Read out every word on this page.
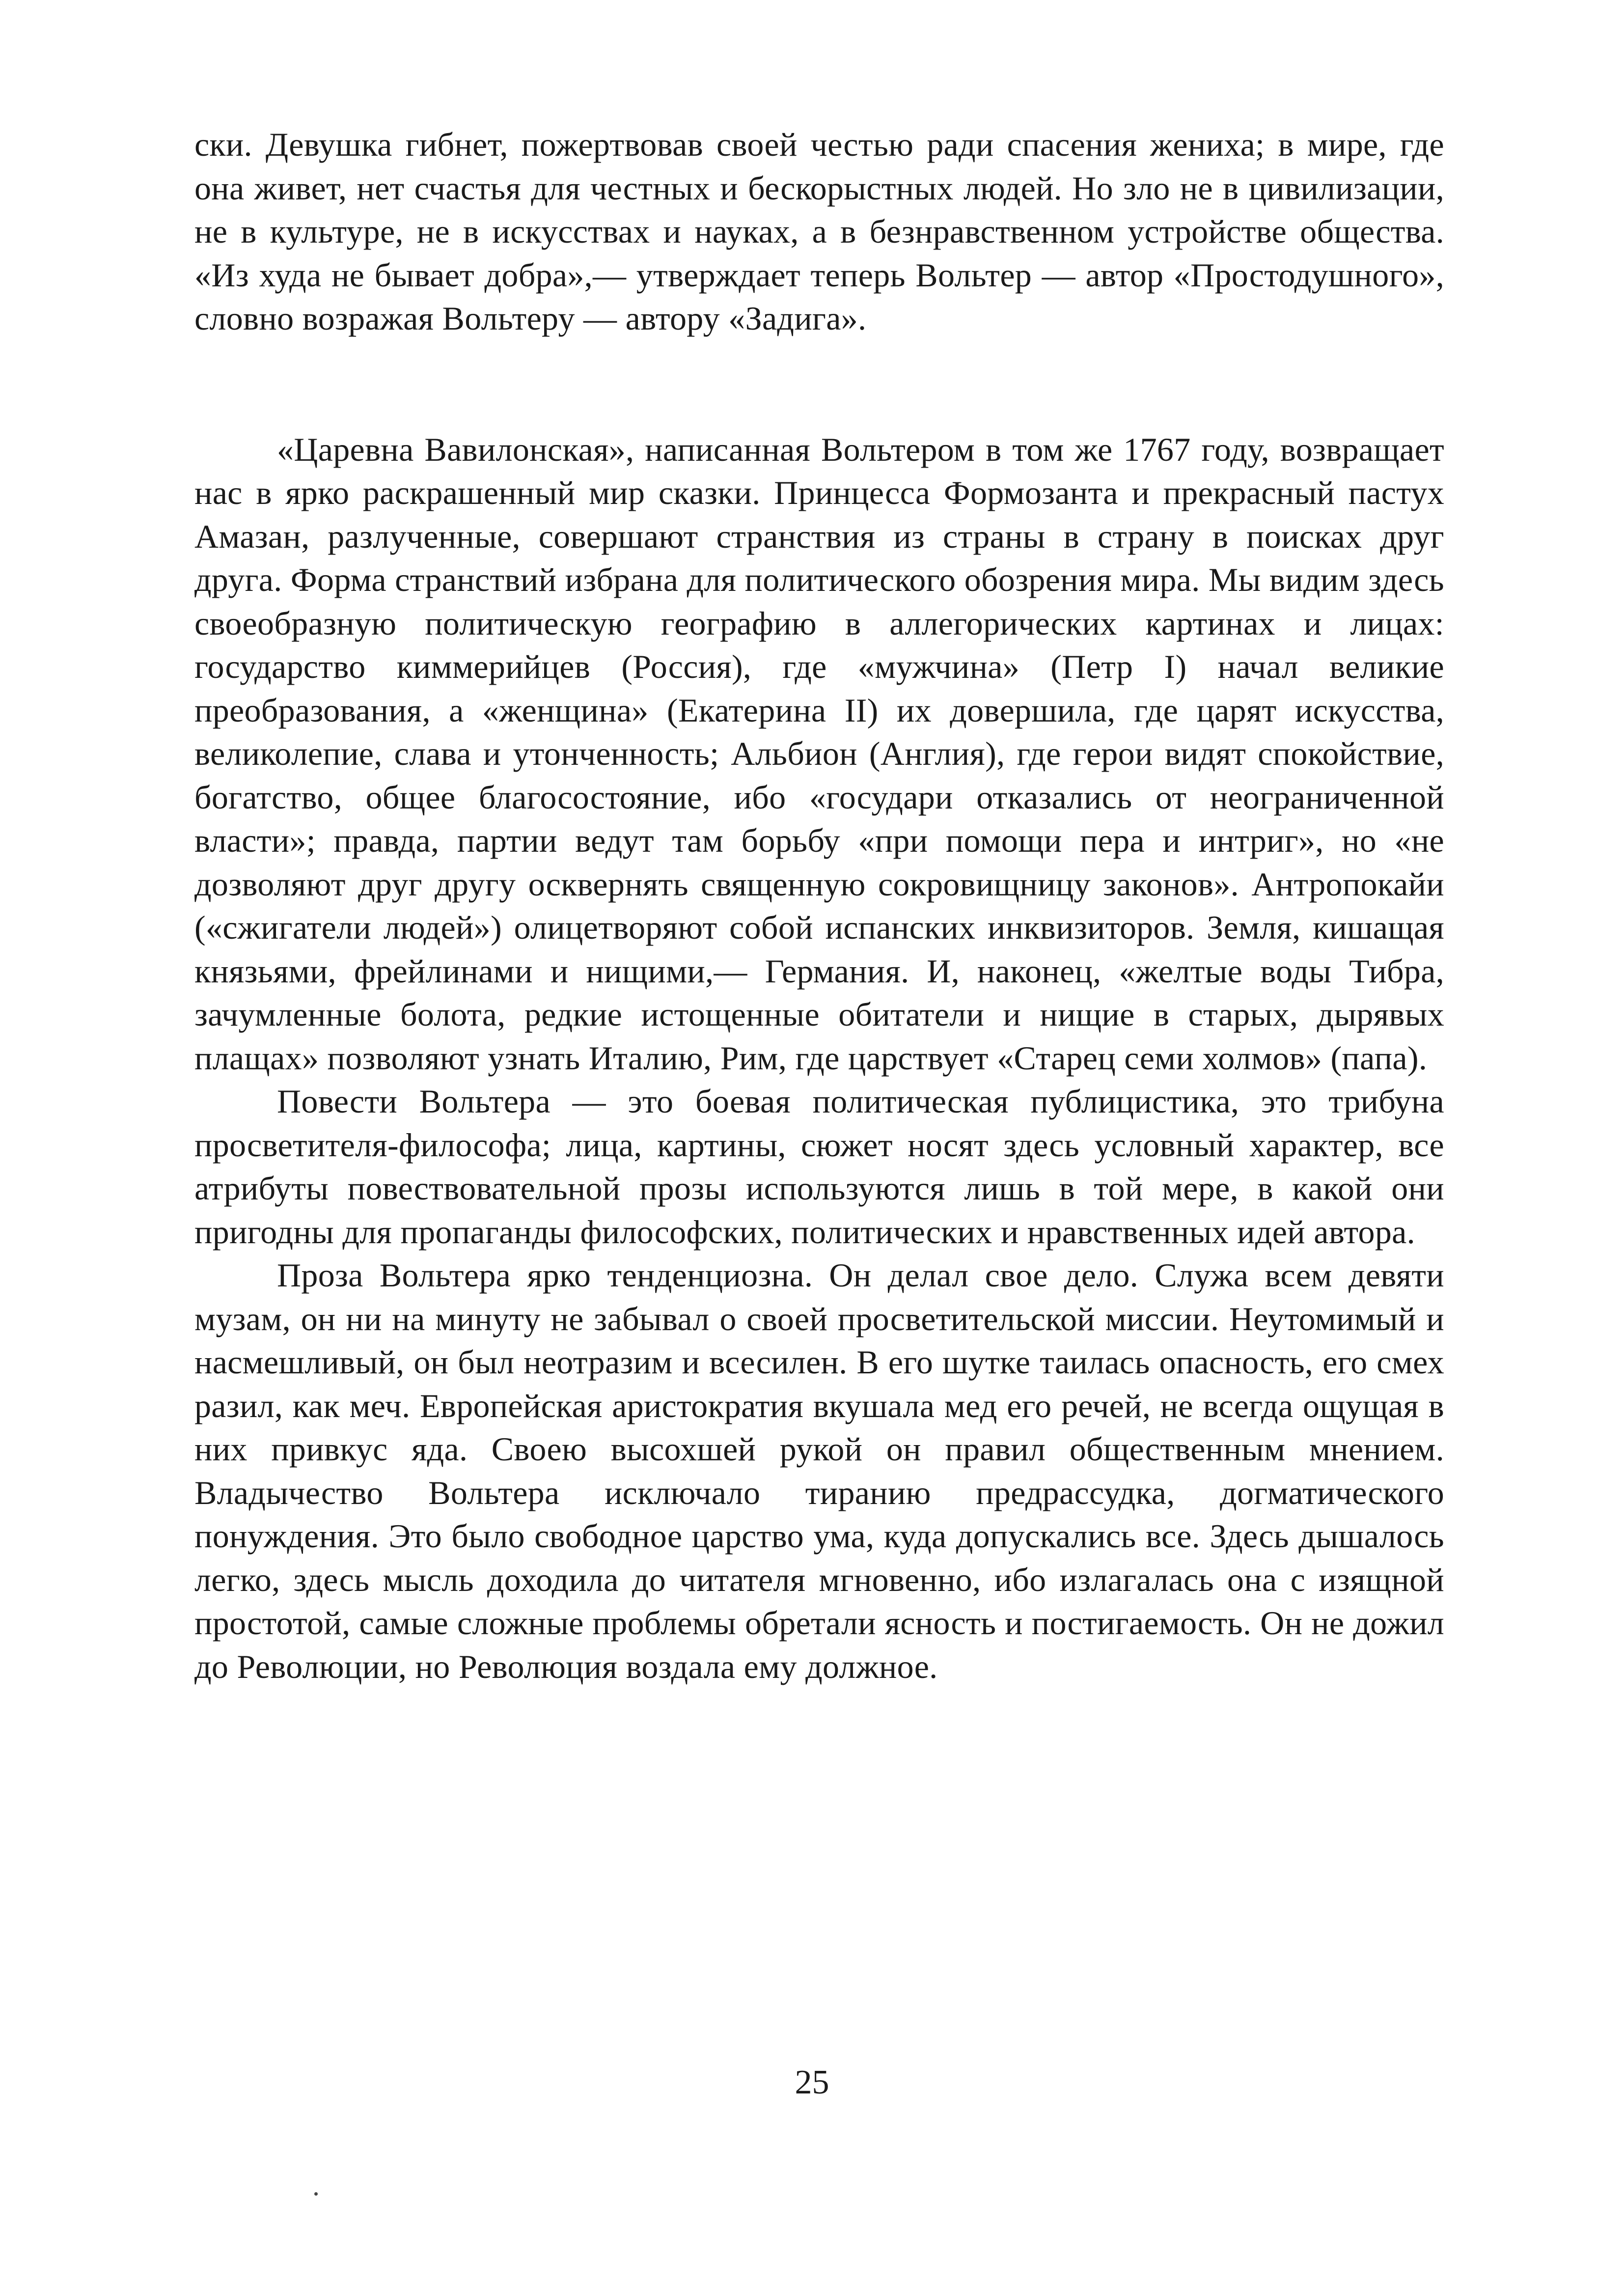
ски. Девушка гибнет, пожертвовав своей честью ради спасения жениха; в мире, где она живет, нет счастья для честных и бескорыстных людей. Но зло не в цивилизации, не в культуре, не в искусствах и науках, а в безнравственном устройстве общества. «Из худа не бывает добра»,— утверждает теперь Вольтер — автор «Простодушного», словно возражая Вольтеру — автору «Задига».

«Царевна Вавилонская», написанная Вольтером в том же 1767 году, возвращает нас в ярко раскрашенный мир сказки. Принцесса Формозанта и прекрасный пастух Амазан, разлученные, совершают странствия из страны в страну в поисках друг друга. Форма странствий избрана для политического обозрения мира. Мы видим здесь своеобразную политическую географию в аллегорических картинах и лицах: государство киммерийцев (Россия), где «мужчина» (Петр I) начал великие преобразования, а «женщина» (Екатерина II) их довершила, где царят искусства, великолепие, слава и утонченность; Альбион (Англия), где герои видят спокойствие, богатство, общее благосостояние, ибо «государи отказались от неограниченной власти»; правда, партии ведут там борьбу «при помощи пера и интриг», но «не дозволяют друг другу осквернять священную сокровищницу законов». Антропокайи («сжигатели людей») олицетворяют собой испанских инквизиторов. Земля, кишащая князьями, фрейлинами и нищими,— Германия. И, наконец, «желтые воды Тибра, зачумленные болота, редкие истощенные обитатели и нищие в старых, дырявых плащах» позволяют узнать Италию, Рим, где царствует «Старец семи холмов» (папа).

Повести Вольтера — это боевая политическая публицистика, это трибуна просветителя-философа; лица, картины, сюжет носят здесь условный характер, все атрибуты повествовательной прозы используются лишь в той мере, в какой они пригодны для пропаганды философских, политических и нравственных идей автора.

Проза Вольтера ярко тенденциозна. Он делал свое дело. Служа всем девяти музам, он ни на минуту не забывал о своей просветительской миссии. Неутомимый и насмешливый, он был неотразим и всесилен. В его шутке таилась опасность, его смех разил, как меч. Европейская аристократия вкушала мед его речей, не всегда ощущая в них привкус яда. Своею высохшей рукой он правил общественным мнением. Владычество Вольтера исключало тиранию предрассудка, догматического понуждения. Это было свободное царство ума, куда допускались все. Здесь дышалось легко, здесь мысль доходила до читателя мгновенно, ибо излагалась она с изящной простотой, самые сложные проблемы обретали ясность и постигаемость. Он не дожил до Революции, но Революция воздала ему должное.

25
